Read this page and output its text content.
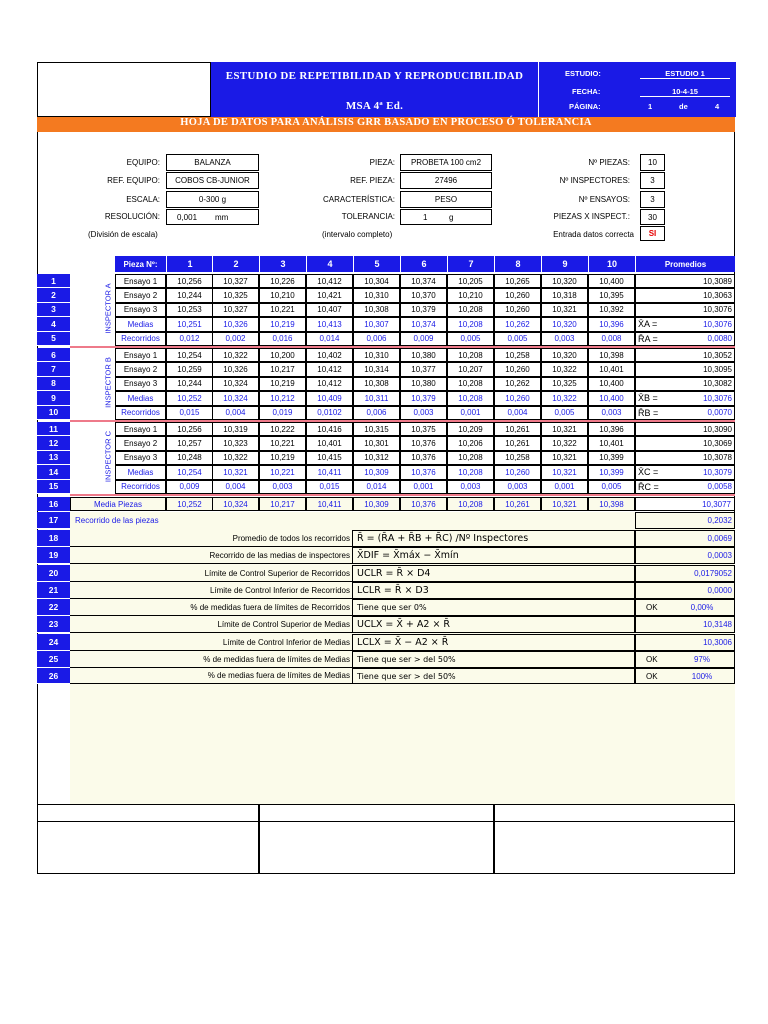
ESTUDIO DE REPETIBILIDAD Y REPRODUCIBILIDAD
MSA 4ª Ed.
ESTUDIO:	ESTUDIO 1
FECHA:	10-4-15
PÁGINA:	1	de	4
HOJA DE DATOS PARA ANÁLISIS GRR BASADO EN PROCESO Ó TOLERANCIA
EQUIPO:	BALANZA
REF. EQUIPO:	COBOS CB-JUNIOR
ESCALA:	0-300 g
RESOLUCIÓN: 0,001 mm
(División de escala)
PIEZA:	PROBETA 100 cm2
REF. PIEZA:	27496
CARACTERÍSTICA:	PESO
TOLERANCIA:	1	g
(intervalo completo)
Nº PIEZAS:	10
Nº INSPECTORES:	3
Nº ENSAYOS:	3
PIEZAS X INSPECT.:	30
Entrada datos correcta	SI
Pieza Nº:	1	2	3	4	5	6	7	8	9	10	Promedios
INSPECTOR A
1	Ensayo 1	10,256	10,327	10,226	10,412	10,304	10,374	10,205	10,265	10,320	10,400	10,3089
2	Ensayo 2	10,244	10,325	10,210	10,421	10,310	10,370	10,210	10,260	10,318	10,395	10,3063
3	Ensayo 3	10,253	10,327	10,221	10,407	10,308	10,379	10,208	10,260	10,321	10,392	10,3076
4	Medias	10,251	10,326	10,219	10,413	10,307	10,374	10,208	10,262	10,320	10,396	X̄A =	10,3076
5	Recorridos	0,012	0,002	0,016	0,014	0,006	0,009	0,005	0,005	0,003	0,008	R̄A =	0,0080
INSPECTOR B
6	Ensayo 1	10,254	10,322	10,200	10,402	10,310	10,380	10,208	10,258	10,320	10,398	10,3052
7	Ensayo 2	10,259	10,326	10,217	10,412	10,314	10,377	10,207	10,260	10,322	10,401	10,3095
8	Ensayo 3	10,244	10,324	10,219	10,412	10,308	10,380	10,208	10,262	10,325	10,400	10,3082
9	Medias	10,252	10,324	10,212	10,409	10,311	10,379	10,208	10,260	10,322	10,400	X̄B =	10,3076
10	Recorridos	0,015	0,004	0,019	0,0102	0,006	0,003	0,001	0,004	0,005	0,003	R̄B =	0,0070
INSPECTOR C
11	Ensayo 1	10,256	10,319	10,222	10,416	10,315	10,375	10,209	10,261	10,321	10,396	10,3090
12	Ensayo 2	10,257	10,323	10,221	10,401	10,301	10,376	10,206	10,261	10,322	10,401	10,3069
13	Ensayo 3	10,248	10,322	10,219	10,415	10,312	10,376	10,208	10,258	10,321	10,399	10,3078
14	Medias	10,254	10,321	10,221	10,411	10,309	10,376	10,208	10,260	10,321	10,399	X̄C =	10,3079
15	Recorridos	0,009	0,004	0,003	0,015	0,014	0,001	0,003	0,003	0,001	0,005	R̄C =	0,0058
16	Media Piezas	10,252	10,324	10,217	10,411	10,309	10,376	10,208	10,261	10,321	10,398	10,3077
17	Recorrido de las piezas	0,2032
18	Promedio de todos los recorridos R̄ = (R̄A + R̄B + R̄C) /Nº Inspectores	0,0069
19	Recorrido de las medias de inspectores X̄DIF = X̄máx − X̄mín	0,0003
20	Límite de Control Superior de Recorridos UCLR = R̄ × D4	0,0179052
21	Límite de Control Inferior de Recorridos LCLR = R̄ × D3	0,0000
22	% de medidas fuera de límites de Recorridos Tiene que ser 0%	OK	0,00%
23	Límite de Control Superior de Medias UCLX = X̄ + A2 × R̄	10,3148
24	Límite de Control Inferior de Medias LCLX = X̄ − A2 × R̄	10,3006
25	% de medidas fuera de límites de Medias Tiene que ser > del 50%	OK	97%
26	% de medias fuera de límites de Medias Tiene que ser > del 50%	OK	100%
